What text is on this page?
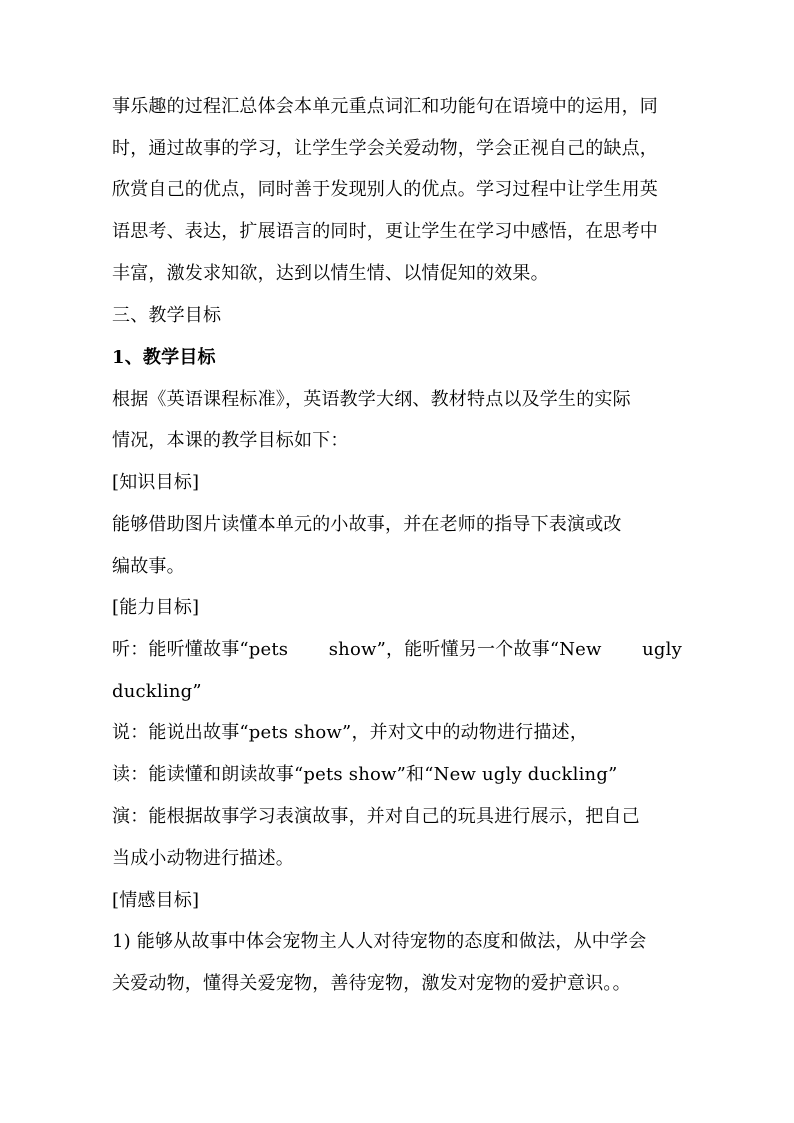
事乐趣的过程汇总体会本单元重点词汇和功能句在语境中的运用，同
时，通过故事的学习，让学生学会关爱动物，学会正视自己的缺点，
欣赏自己的优点，同时善于发现别人的优点。学习过程中让学生用英
语思考、表达，扩展语言的同时，更让学生在学习中感悟，在思考中
丰富，激发求知欲，达到以情生情、以情促知的效果。
三、教学目标
1、教学目标
根据《英语课程标准》，英语教学大纲、教材特点以及学生的实际
情况，本课的教学目标如下：
[知识目标]
能够借助图片读懂本单元的小故事，并在老师的指导下表演或改
编故事。
[能力目标]
听：能听懂故事“pets show”，能听懂另一个故事“New ugly
duckling”
说：能说出故事“pets show”，并对文中的动物进行描述，
读：能读懂和朗读故事“pets show”和“New ugly duckling”
演：能根据故事学习表演故事，并对自己的玩具进行展示，把自己
当成小动物进行描述。
[情感目标]
1) 能够从故事中体会宠物主人人对待宠物的态度和做法，从中学会
关爱动物，懂得关爱宠物，善待宠物，激发对宠物的爱护意识。。
